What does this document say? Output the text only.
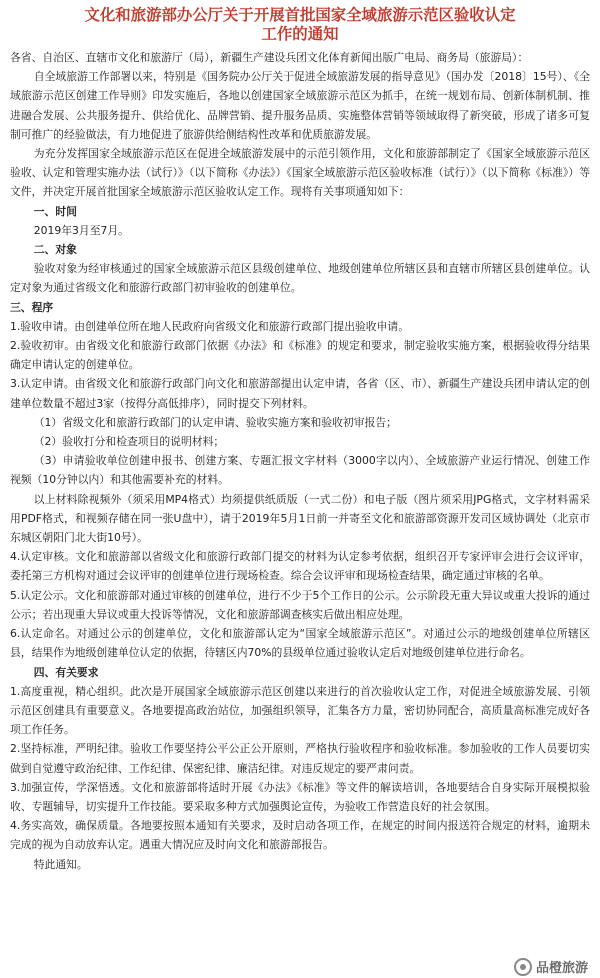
文化和旅游部办公厅关于开展首批国家全域旅游示范区验收认定
工作的通知

各省、自治区、直辖市文化和旅游厅（局），新疆生产建设兵团文化体育新闻出版广电局、商务局（旅游局）：

自全域旅游工作部署以来，特别是《国务院办公厅关于促进全域旅游发展的指导意见》（国办发〔2018〕15号）、《全域旅游示范区创建工作导则》印发实施后，各地以创建国家全域旅游示范区为抓手，在统一规划布局、创新体制机制、推进融合发展、公共服务提升、供给优化、品牌营销、提升服务品质、实施整体营销等领域取得了新突破，形成了诸多可复制可推广的经验做法，有力地促进了旅游供给侧结构性改革和优质旅游发展。

为充分发挥国家全域旅游示范区在促进全域旅游发展中的示范引领作用，文化和旅游部制定了《国家全域旅游示范区验收、认定和管理实施办法（试行）》（以下简称《办法》）《国家全域旅游示范区验收标准（试行）》（以下简称《标准》）等文件，并决定开展首批国家全域旅游示范区验收认定工作。现将有关事项通知如下：

一、时间

2019年3月至7月。

二、对象

验收对象为经审核通过的国家全域旅游示范区县级创建单位、地级创建单位所辖区县和直辖市所辖区县创建单位。认定对象为通过省级文化和旅游行政部门初审验收的创建单位。

三、程序

1.验收申请。由创建单位所在地人民政府向省级文化和旅游行政部门提出验收申请。

2.验收初审。由省级文化和旅游行政部门依据《办法》和《标准》的规定和要求，制定验收实施方案，根据验收得分结果确定申请认定的创建单位。

3.认定申请。由省级文化和旅游行政部门向文化和旅游部提出认定申请，各省（区、市）、新疆生产建设兵团申请认定的创建单位数量不超过3家（按得分高低排序），同时提交下列材料。

（1）省级文化和旅游行政部门的认定申请、验收实施方案和验收初审报告；

（2）验收打分和检查项目的说明材料；

（3）申请验收单位创建申报书、创建方案、专题汇报文字材料（3000字以内）、全域旅游产业运行情况、创建工作视频（10分钟以内）和其他需要补充的材料。

以上材料除视频外（须采用MP4格式）均须提供纸质版（一式二份）和电子版（图片须采用JPG格式，文字材料需采用PDF格式，和视频存储在同一张U盘中），请于2019年5月1日前一并寄至文化和旅游部资源开发司区域协调处（北京市东城区朝阳门北大街10号）。

4.认定审核。文化和旅游部以省级文化和旅游行政部门提交的材料为认定参考依据，组织召开专家评审会进行会议评审，委托第三方机构对通过会议评审的创建单位进行现场检查。综合会议评审和现场检查结果，确定通过审核的名单。

5.认定公示。文化和旅游部对通过审核的创建单位，进行不少于5个工作日的公示。公示阶段无重大异议或重大投诉的通过公示；若出现重大异议或重大投诉等情况，文化和旅游部调查核实后做出相应处理。

6.认定命名。对通过公示的创建单位，文化和旅游部认定为“国家全域旅游示范区”。对通过公示的地级创建单位所辖区县，结果作为地级创建单位认定的依据，待辖区内70%的县级单位通过验收认定后对地级创建单位进行命名。

四、有关要求

1.高度重视，精心组织。此次是开展国家全域旅游示范区创建以来进行的首次验收认定工作，对促进全域旅游发展、引领示范区创建具有重要意义。各地要提高政治站位，加强组织领导，汇集各方力量，密切协同配合，高质量高标准完成好各项工作任务。

2.坚持标准，严明纪律。验收工作要坚持公平公正公开原则，严格执行验收程序和验收标准。参加验收的工作人员要切实做到自觉遵守政治纪律、工作纪律、保密纪律、廉洁纪律。对违反规定的要严肃问责。

3.加强宣传，学深悟透。文化和旅游部将适时开展《办法》《标准》等文件的解读培训，各地要结合自身实际开展模拟验收、专题辅导，切实提升工作技能。要采取多种方式加强舆论宣传，为验收工作营造良好的社会氛围。

4.务实高效，确保质量。各地要按照本通知有关要求，及时启动各项工作，在规定的时间内报送符合规定的材料，逾期未完成的视为自动放弃认定。遇重大情况应及时向文化和旅游部报告。

特此通知。

品橙旅游
